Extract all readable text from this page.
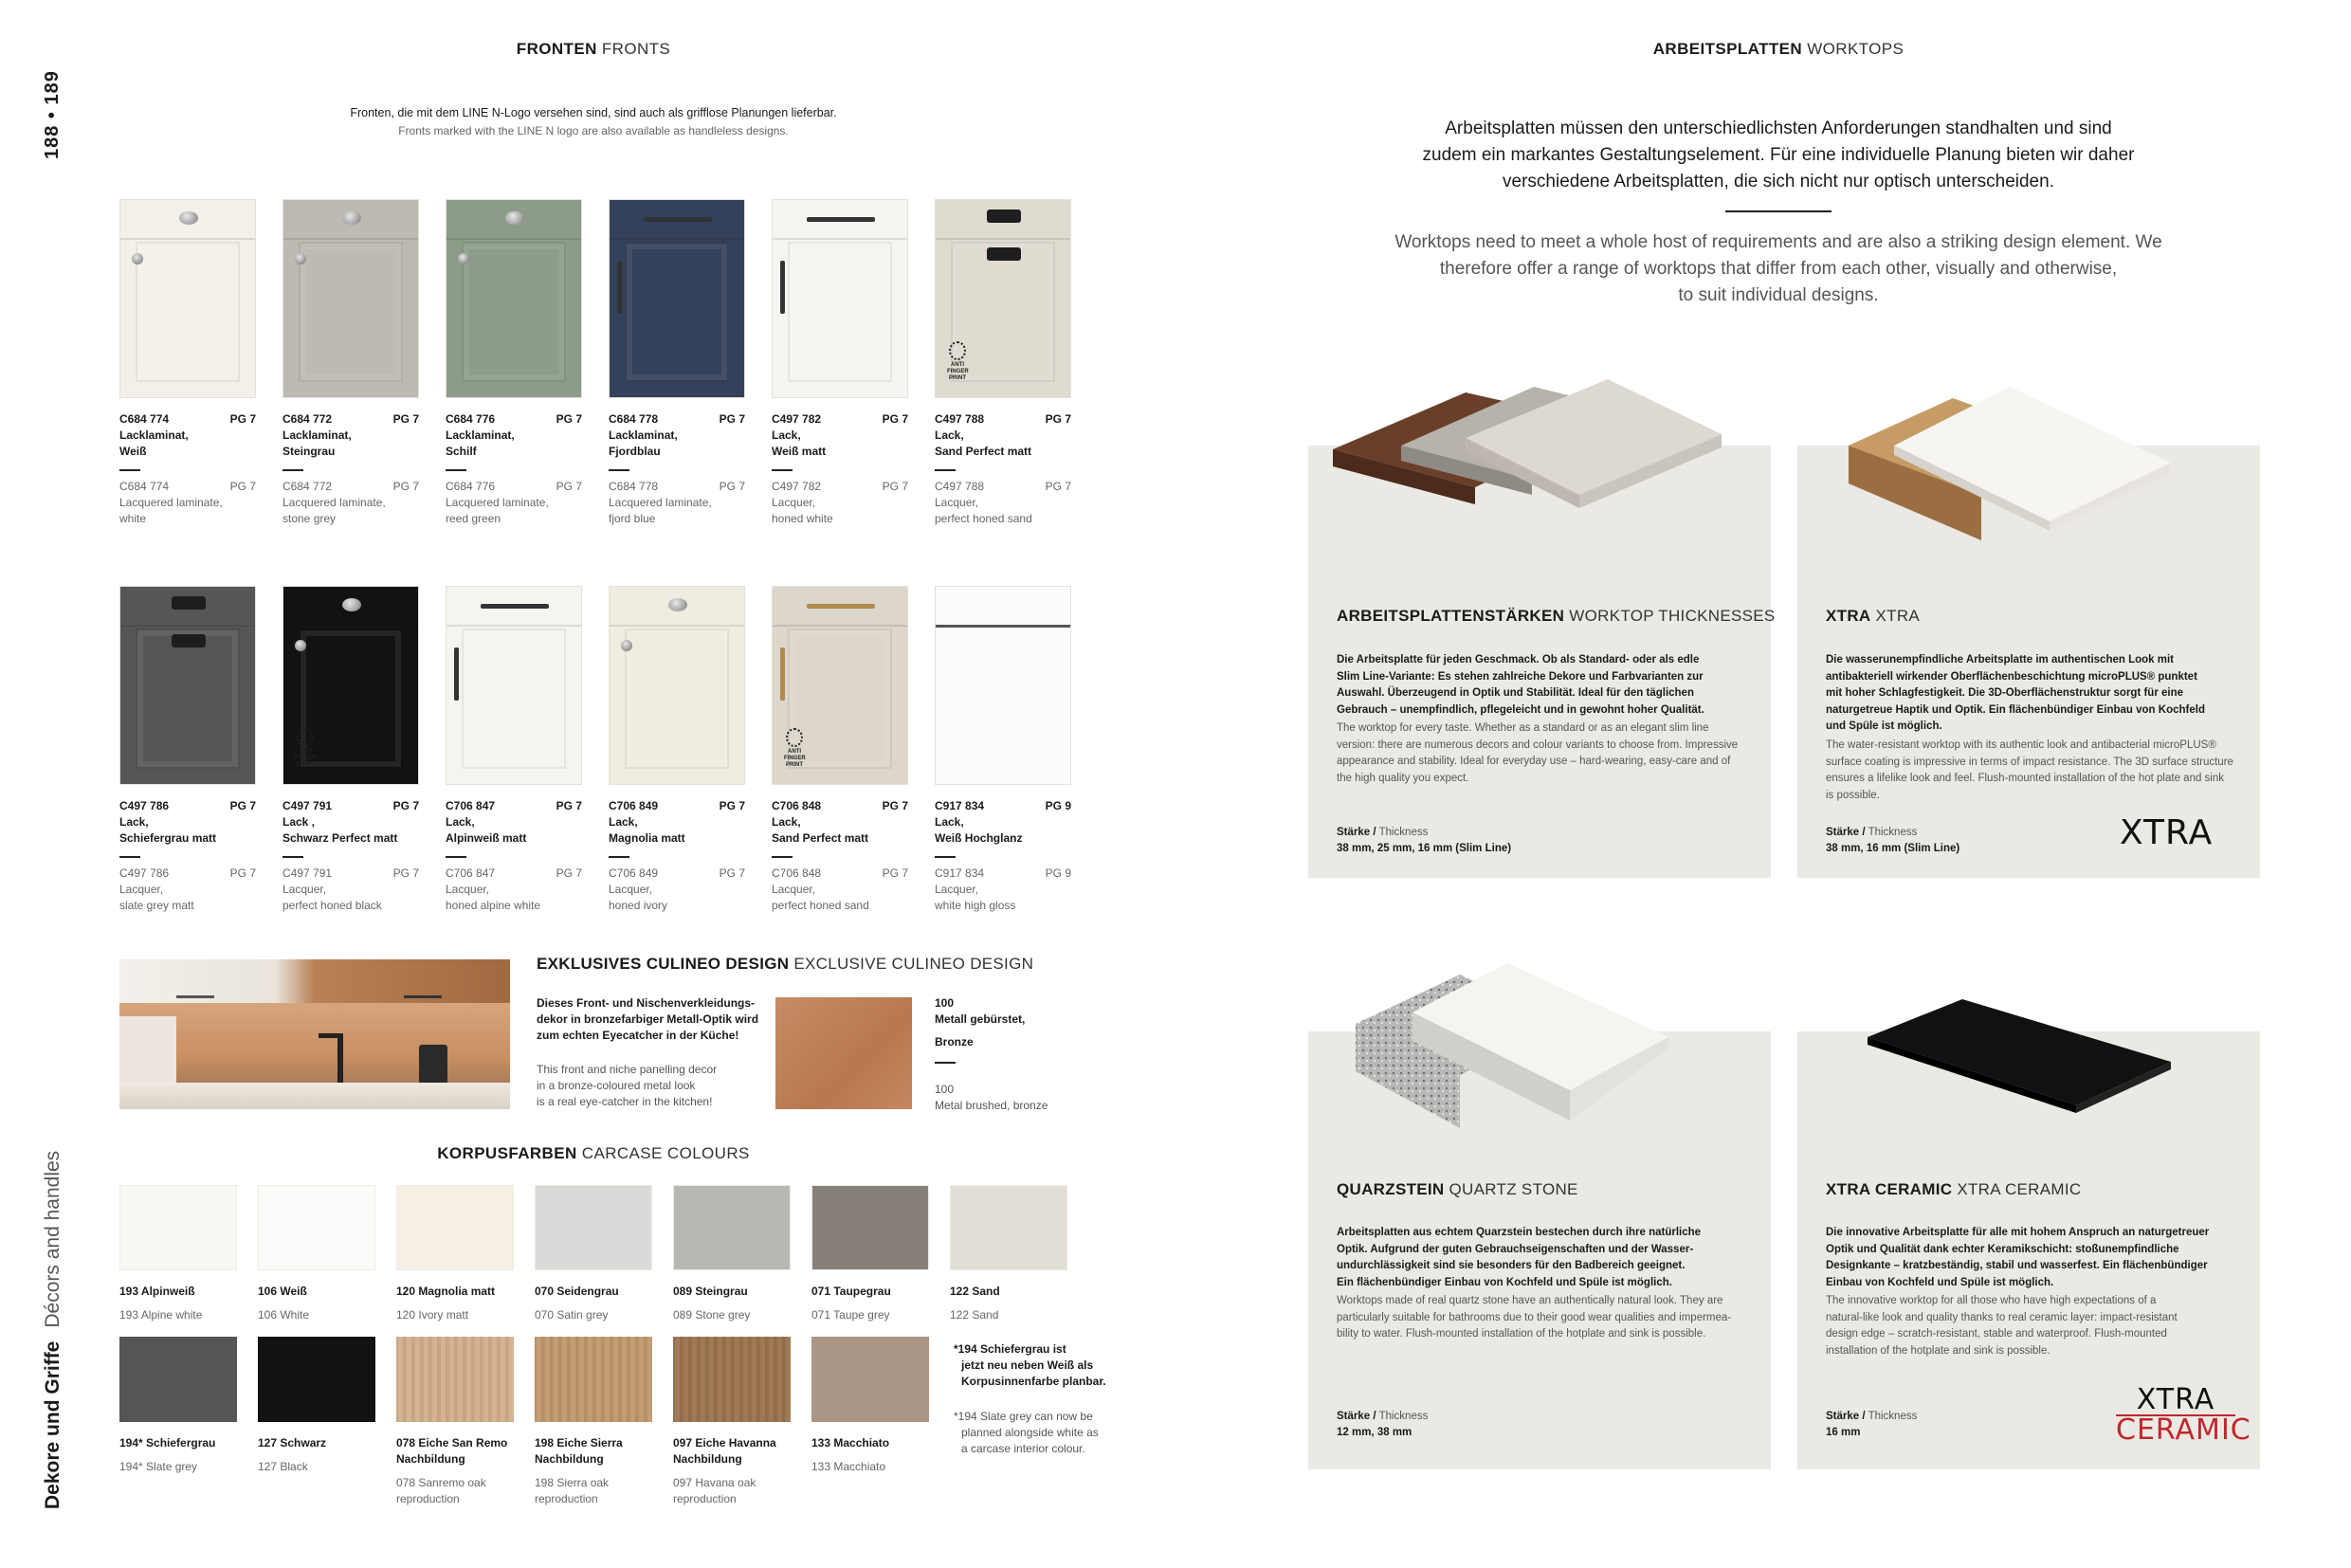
188 • 189
Dekore und GriffeDécors and handles
FRONTEN FRONTS
Fronten, die mit dem LINE N-Logo versehen sind, sind auch als grifflose Planungen lieferbar.
Fronts marked with the LINE N logo are also available as handleless designs.
C684 774	PG 7
Lacklaminat,
Weiß
C684 774	PG 7
Lacquered laminate,
white
C684 772	PG 7
Lacklaminat,
Steingrau
C684 772	PG 7
Lacquered laminate,
stone grey
C684 776	PG 7
Lacklaminat,
Schilf
C684 776	PG 7
Lacquered laminate,
reed green
C684 778	PG 7
Lacklaminat,
Fjordblau
C684 778	PG 7
Lacquered laminate,
fjord blue
C497 782	PG 7
Lack,
Weiß matt
C497 782	PG 7
Lacquer,
honed white
ANTI
FINGER
PRINT
C497 788	PG 7
Lack,
Sand Perfect matt
C497 788	PG 7
Lacquer,
perfect honed sand
C497 786	PG 7
Lack,
Schiefergrau matt
C497 786	PG 7
Lacquer,
slate grey matt
ANTI
FINGER
PRINT
C497 791	PG 7
Lack ,
Schwarz Perfect matt
C497 791	PG 7
Lacquer,
perfect honed black
C706 847	PG 7
Lack,
Alpinweiß matt
C706 847	PG 7
Lacquer,
honed alpine white
C706 849	PG 7
Lack,
Magnolia matt
C706 849	PG 7
Lacquer,
honed ivory
ANTI
FINGER
PRINT
C706 848	PG 7
Lack,
Sand Perfect matt
C706 848	PG 7
Lacquer,
perfect honed sand
C917 834	PG 9
Lack,
Weiß Hochglanz
C917 834	PG 9
Lacquer,
white high gloss
EXKLUSIVES CULINEO DESIGN EXCLUSIVE CULINEO DESIGN
Dieses Front- und Nischenverkleidungs-
dekor in bronzefarbiger Metall-Optik wird
zum echten Eyecatcher in der Küche!
This front and niche panelling decor
in a bronze-coloured metal look
is a real eye-catcher in the kitchen!
100
Metall gebürstet,
Bronze
100
Metal brushed, bronze
KORPUSFARBEN CARCASE COLOURS
193 Alpinweiß
193 Alpine white
106 Weiß
106 White
120 Magnolia matt
120 Ivory matt
070 Seidengrau
070 Satin grey
089 Steingrau
089 Stone grey
071 Taupegrau
071 Taupe grey
122 Sand
122 Sand
194* Schiefergrau
194* Slate grey
127 Schwarz
127 Black
078 Eiche San Remo
Nachbildung
078 Sanremo oak
reproduction
198 Eiche Sierra
Nachbildung
198 Sierra oak
reproduction
097 Eiche Havanna
Nachbildung
097 Havana oak
reproduction
133 Macchiato
133 Macchiato
*194 Schiefergrau ist
jetzt neu neben Weiß als
Korpusinnenfarbe planbar.
*194 Slate grey can now be
planned alongside white as
a carcase interior colour.
ARBEITSPLATTEN WORKTOPS
Arbeitsplatten müssen den unterschiedlichsten Anforderungen standhalten und sind
zudem ein markantes Gestaltungselement. Für eine individuelle Planung bieten wir daher
verschiedene Arbeitsplatten, die sich nicht nur optisch unterscheiden.
Worktops need to meet a whole host of requirements and are also a striking design element. We
therefore offer a range of worktops that differ from each other, visually and otherwise,
to suit individual designs.
ARBEITSPLATTENSTÄRKEN WORKTOP THICKNESSES
Die Arbeitsplatte für jeden Geschmack. Ob als Standard- oder als edle
Slim Line-Variante: Es stehen zahlreiche Dekore und Farbvarianten zur
Auswahl. Überzeugend in Optik und Stabilität. Ideal für den täglichen
Gebrauch – unempfindlich, pflegeleicht und in gewohnt hoher Qualität.
The worktop for every taste. Whether as a standard or as an elegant slim line
version: there are numerous decors and colour variants to choose from. Impressive
appearance and stability. Ideal for everyday use – hard-wearing, easy-care and of
the high quality you expect.
Stärke / Thickness
38 mm, 25 mm, 16 mm (Slim Line)
XTRA XTRA
Die wasserunempfindliche Arbeitsplatte im authentischen Look mit
antibakteriell wirkender Oberflächenbeschichtung microPLUS® punktet
mit hoher Schlagfestigkeit. Die 3D-Oberflächenstruktur sorgt für eine
naturgetreue Haptik und Optik. Ein flächenbündiger Einbau von Kochfeld
und Spüle ist möglich.
The water-resistant worktop with its authentic look and antibacterial microPLUS®
surface coating is impressive in terms of impact resistance. The 3D surface structure
ensures a lifelike look and feel. Flush-mounted installation of the hot plate and sink
is possible.
Stärke / Thickness
38 mm, 16 mm (Slim Line)	XTRA
QUARZSTEIN QUARTZ STONE
Arbeitsplatten aus echtem Quarzstein bestechen durch ihre natürliche
Optik. Aufgrund der guten Gebrauchseigenschaften und der Wasser-
undurchlässigkeit sind sie besonders für den Badbereich geeignet.
Ein flächenbündiger Einbau von Kochfeld und Spüle ist möglich.
Worktops made of real quartz stone have an authentically natural look. They are
particularly suitable for bathrooms due to their good wear qualities and impermea-
bility to water. Flush-mounted installation of the hotplate and sink is possible.
Stärke / Thickness
12 mm, 38 mm
XTRA CERAMIC XTRA CERAMIC
Die innovative Arbeitsplatte für alle mit hohem Anspruch an naturgetreuer
Optik und Qualität dank echter Keramikschicht: stoßunempfindliche
Designkante – kratzbeständig, stabil und wasserfest. Ein flächenbündiger
Einbau von Kochfeld und Spüle ist möglich.
The innovative worktop for all those who have high expectations of a
natural-like look and quality thanks to real ceramic layer: impact-resistant
design edge – scratch-resistant, stable and waterproof. Flush-mounted
installation of the hotplate and sink is possible.
Stärke / Thickness
16 mm
XTRA
CERAMIC
